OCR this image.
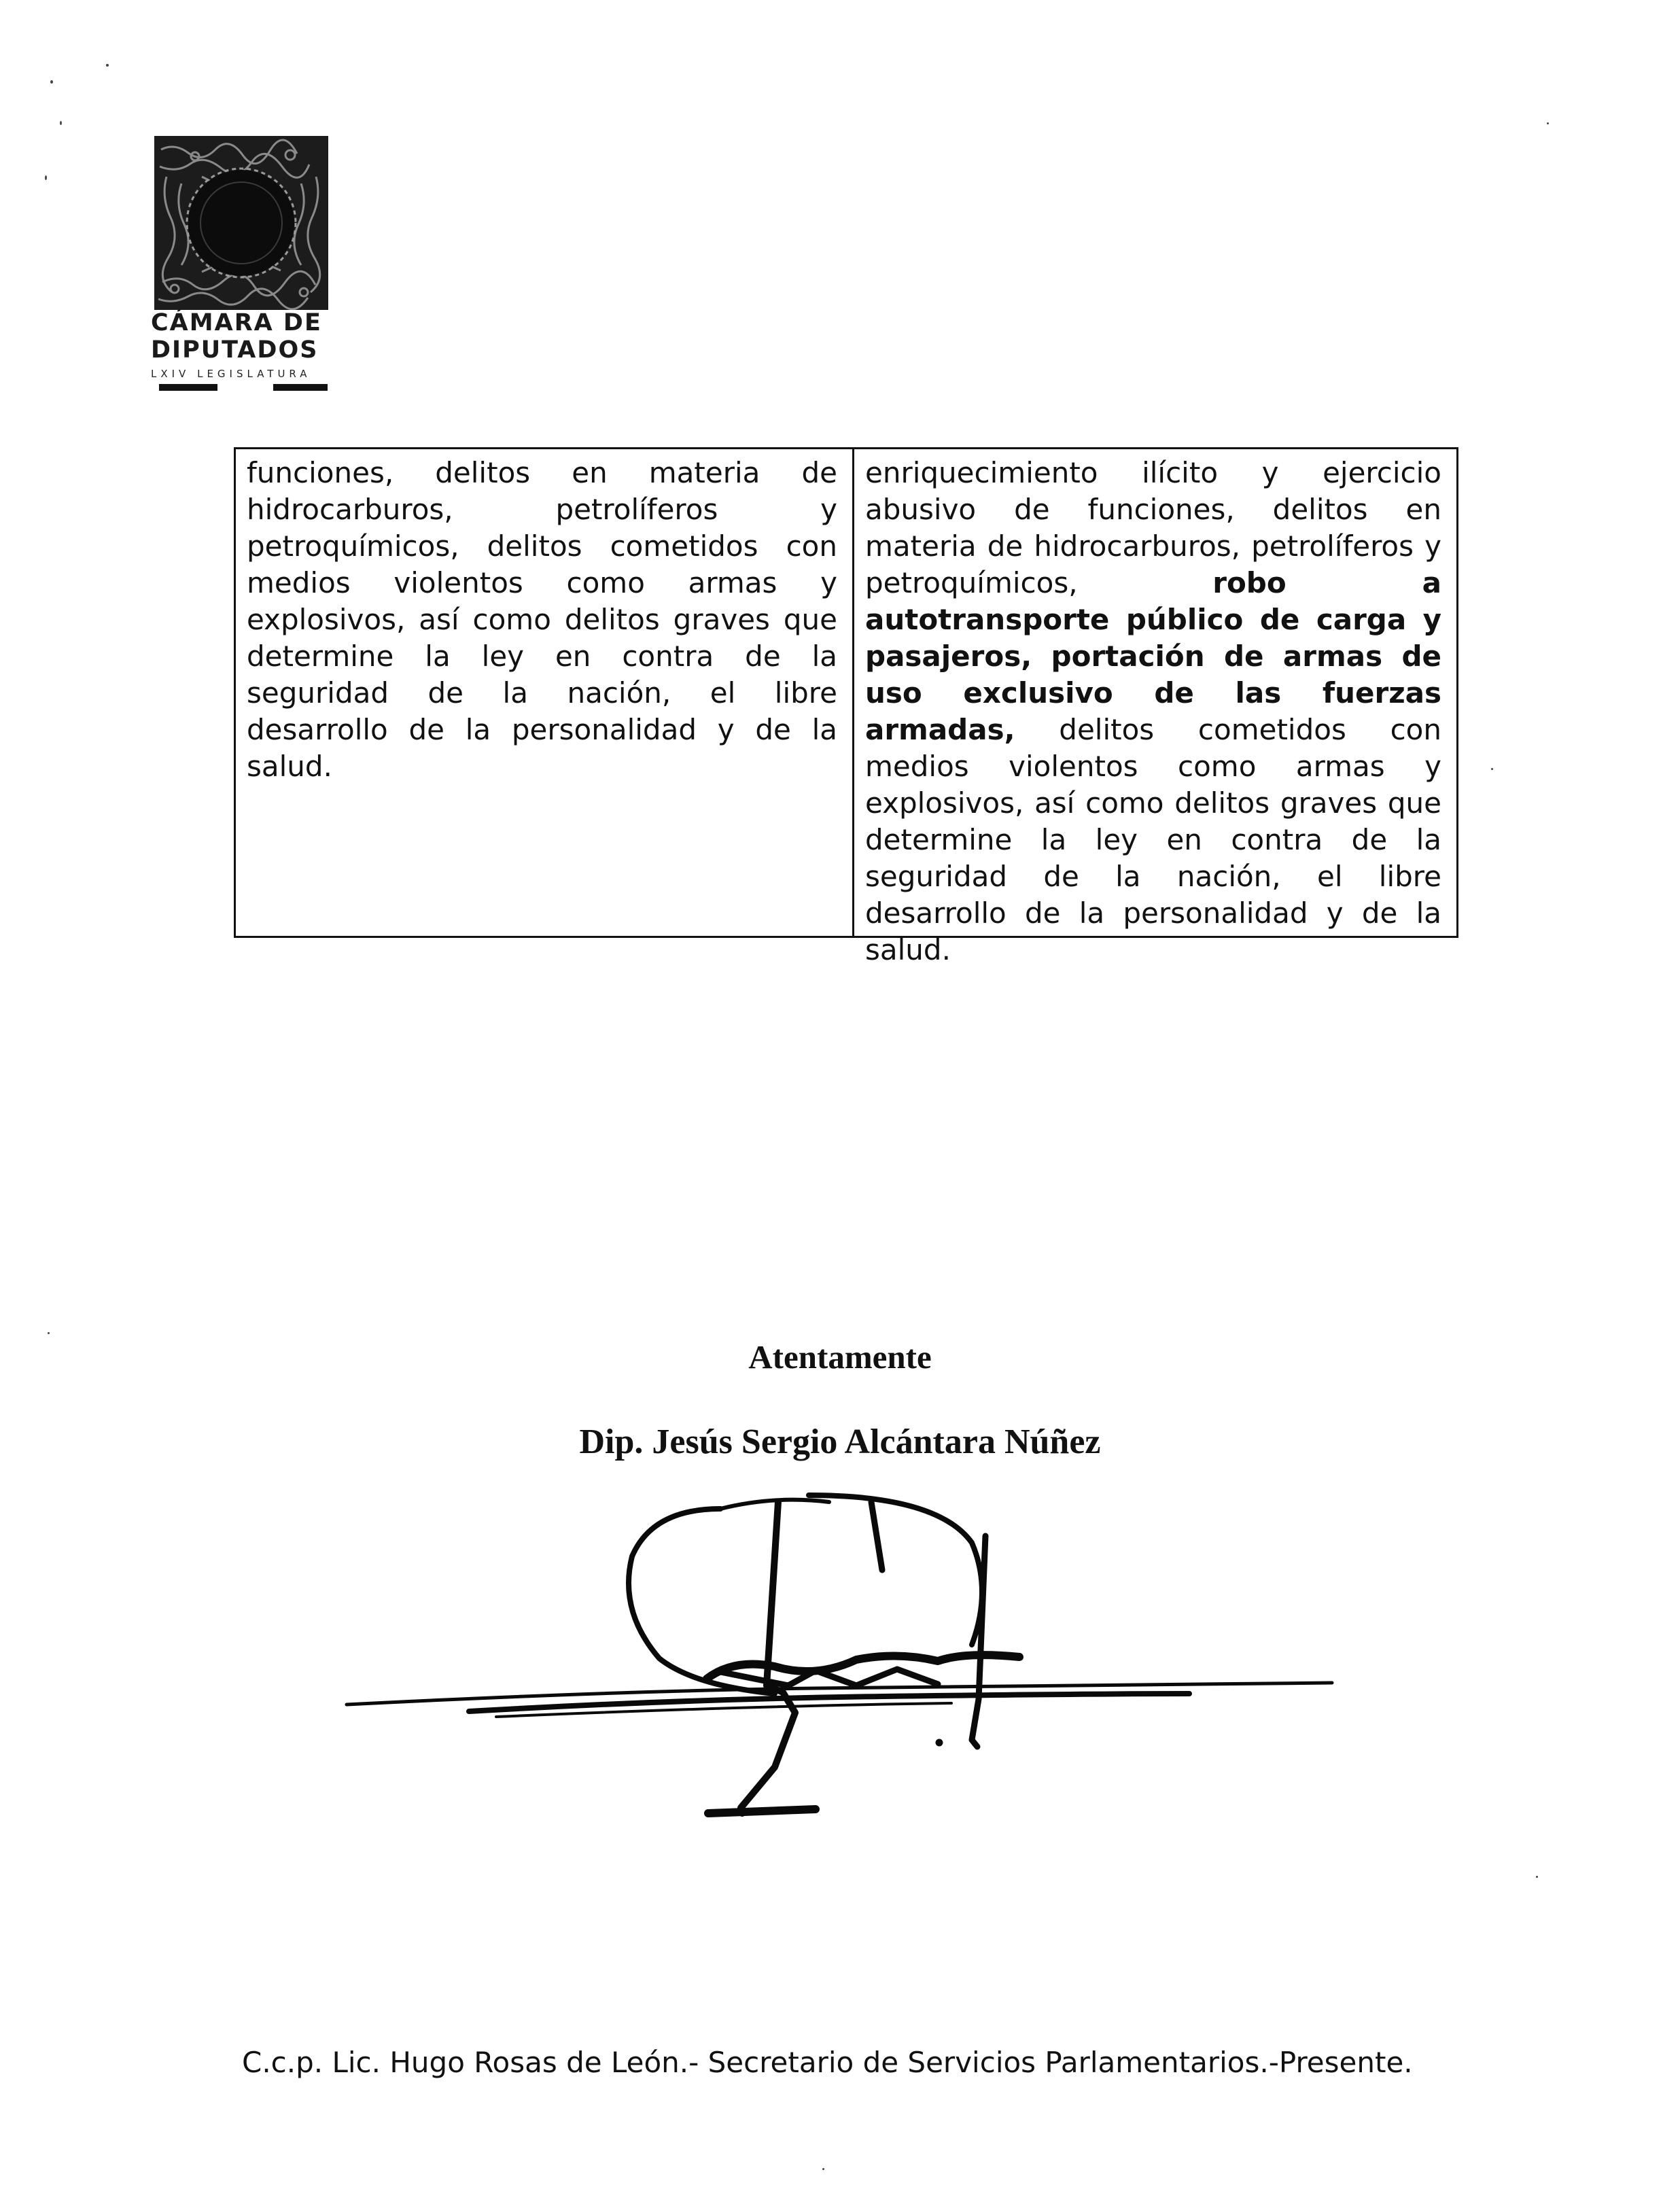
CÁMARA DE
DIPUTADOS
LXIV LEGISLATURA
funciones, delitos en materia de hidrocarburos, petrolíferos y petroquímicos, delitos cometidos con medios violentos como armas y explosivos, así como delitos graves que determine la ley en contra de la seguridad de la nación, el libre desarrollo de la personalidad y de la salud.
enriquecimiento ilícito y ejercicio abusivo de funciones, delitos en materia de hidrocarburos, petrolíferos y petroquímicos,	robo a autotransporte público de carga y pasajeros, portación de armas de uso exclusivo de las fuerzas armadas, delitos cometidos con medios violentos como armas y explosivos, así como delitos graves que determine la ley en contra de la seguridad de la nación, el libre desarrollo de la personalidad y de la salud.
Atentamente
Dip. Jesús Sergio Alcántara Núñez
C.c.p. Lic. Hugo Rosas de León.- Secretario de Servicios Parlamentarios.-Presente.
